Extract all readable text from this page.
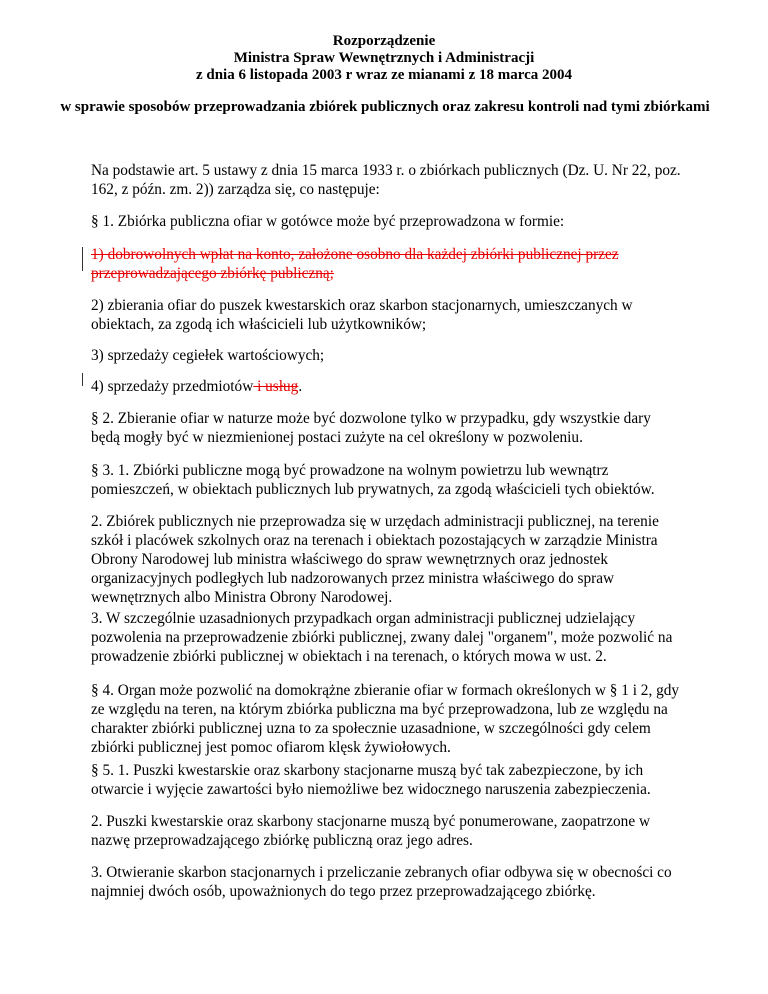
Rozporządzenie
Ministra Spraw Wewnętrznych i Administracji
z dnia 6 listopada 2003 r wraz ze mianami z 18 marca 2004
w sprawie sposobów przeprowadzania zbiórek publicznych oraz zakresu kontroli nad tymi zbiórkami

Na podstawie art. 5 ustawy z dnia 15 marca 1933 r. o zbiórkach publicznych (Dz. U. Nr 22, poz. 162, z późn. zm. 2)) zarządza się, co następuje:

§ 1. Zbiórka publiczna ofiar w gotówce może być przeprowadzona w formie:

1) dobrowolnych wpłat na konto, założone osobno dla każdej zbiórki publicznej przez przeprowadzającego zbiórkę publiczną;

2) zbierania ofiar do puszek kwestarskich oraz skarbon stacjonarnych, umieszczanych w obiektach, za zgodą ich właścicieli lub użytkowników;

3) sprzedaży cegiełek wartościowych;

4) sprzedaży przedmiotów i usług.

§ 2. Zbieranie ofiar w naturze może być dozwolone tylko w przypadku, gdy wszystkie dary będą mogły być w niezmienionej postaci zużyte na cel określony w pozwoleniu.

§ 3. 1. Zbiórki publiczne mogą być prowadzone na wolnym powietrzu lub wewnątrz pomieszczeń, w obiektach publicznych lub prywatnych, za zgodą właścicieli tych obiektów.

2. Zbiórek publicznych nie przeprowadza się w urzędach administracji publicznej, na terenie szkół i placówek szkolnych oraz na terenach i obiektach pozostających w zarządzie Ministra Obrony Narodowej lub ministra właściwego do spraw wewnętrznych oraz jednostek organizacyjnych podległych lub nadzorowanych przez ministra właściwego do spraw wewnętrznych albo Ministra Obrony Narodowej.

3. W szczególnie uzasadnionych przypadkach organ administracji publicznej udzielający pozwolenia na przeprowadzenie zbiórki publicznej, zwany dalej "organem", może pozwolić na prowadzenie zbiórki publicznej w obiektach i na terenach, o których mowa w ust. 2.

§ 4. Organ może pozwolić na domokrążne zbieranie ofiar w formach określonych w § 1 i 2, gdy ze względu na teren, na którym zbiórka publiczna ma być przeprowadzona, lub ze względu na charakter zbiórki publicznej uzna to za społecznie uzasadnione, w szczególności gdy celem zbiórki publicznej jest pomoc ofiarom klęsk żywiołowych.

§ 5. 1. Puszki kwestarskie oraz skarbony stacjonarne muszą być tak zabezpieczone, by ich otwarcie i wyjęcie zawartości było niemożliwe bez widocznego naruszenia zabezpieczenia.

2. Puszki kwestarskie oraz skarbony stacjonarne muszą być ponumerowane, zaopatrzone w nazwę przeprowadzającego zbiórkę publiczną oraz jego adres.

3. Otwieranie skarbon stacjonarnych i przeliczanie zebranych ofiar odbywa się w obecności co najmniej dwóch osób, upoważnionych do tego przez przeprowadzającego zbiórkę.
